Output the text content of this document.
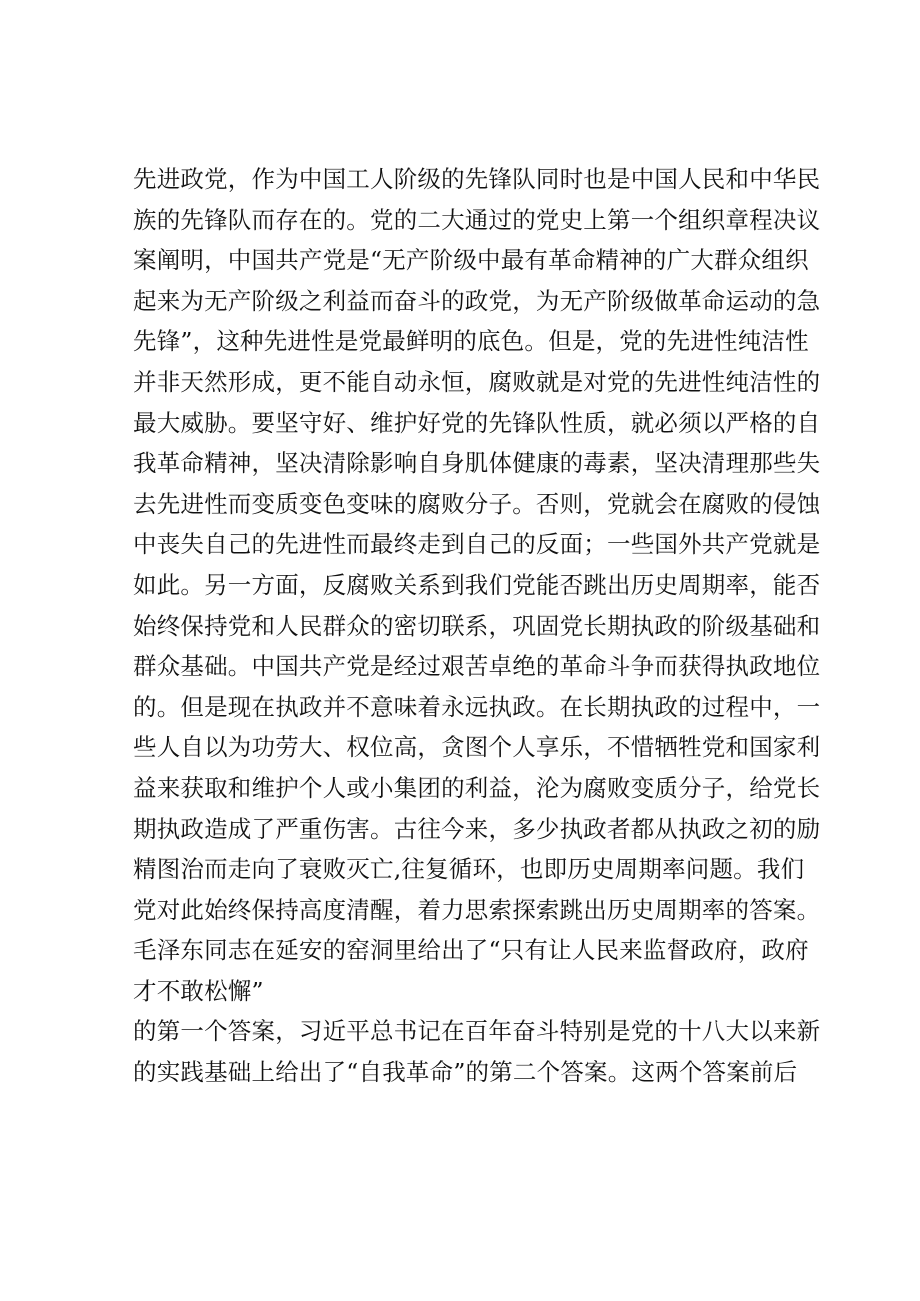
先进政党，作为中国工人阶级的先锋队同时也是中国人民和中华民
族的先锋队而存在的。党的二大通过的党史上第一个组织章程决议
案阐明，中国共产党是“无产阶级中最有革命精神的广大群众组织
起来为无产阶级之利益而奋斗的政党，为无产阶级做革命运动的急
先锋”，这种先进性是党最鲜明的底色。但是，党的先进性纯洁性
并非天然形成，更不能自动永恒，腐败就是对党的先进性纯洁性的
最大威胁。要坚守好、维护好党的先锋队性质，就必须以严格的自
我革命精神，坚决清除影响自身肌体健康的毒素，坚决清理那些失
去先进性而变质变色变味的腐败分子。否则，党就会在腐败的侵蚀
中丧失自己的先进性而最终走到自己的反面；一些国外共产党就是
如此。另一方面，反腐败关系到我们党能否跳出历史周期率，能否
始终保持党和人民群众的密切联系，巩固党长期执政的阶级基础和
群众基础。中国共产党是经过艰苦卓绝的革命斗争而获得执政地位
的。但是现在执政并不意味着永远执政。在长期执政的过程中，一
些人自以为功劳大、权位高，贪图个人享乐，不惜牺牲党和国家利
益来获取和维护个人或小集团的利益，沦为腐败变质分子，给党长
期执政造成了严重伤害。古往今来，多少执政者都从执政之初的励
精图治而走向了衰败灭亡,往复循环，也即历史周期率问题。我们
党对此始终保持高度清醒，着力思索探索跳出历史周期率的答案。
毛泽东同志在延安的窑洞里给出了“只有让人民来监督政府，政府
才不敢松懈”
的第一个答案，习近平总书记在百年奋斗特别是党的十八大以来新
的实践基础上给出了“自我革命”的第二个答案。这两个答案前后
